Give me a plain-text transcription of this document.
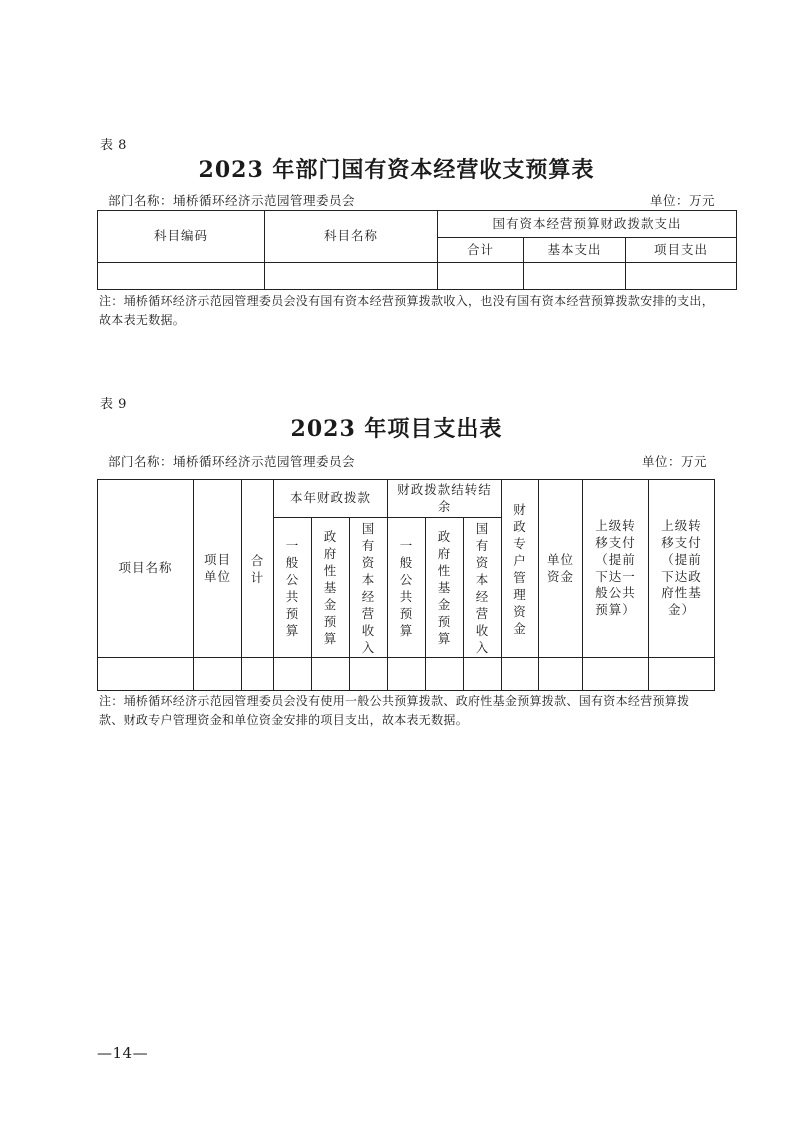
表 8
2023 年部门国有资本经营收支预算表
部门名称：埇桥循环经济示范园管理委员会	单位：万元
科目编码	科目名称	国有资本经营预算财政拨款支出		
		合计	基本支出	项目支出

注：埇桥循环经济示范园管理委员会没有国有资本经营预算拨款收入，也没有国有资本经营预算拨款安排的支出，故本表无数据。
表 9
2023 年项目支出表
部门名称：埇桥循环经济示范园管理委员会	单位：万元
项目名称	项目单位	合计	本年财政拨款			财政拨款结转结余			财政专户管理资金	单位资金	上级转移支付（提前下达一般公共预算）	上级转移支付（提前下达政府性基金）

			一般公共预算	政府性基金预算	国有资本经营收入	一般公共预算	政府性基金预算	国有资本经营收入				

注：埇桥循环经济示范园管理委员会没有使用一般公共预算拨款、政府性基金预算拨款、国有资本经营预算拨款、财政专户管理资金和单位资金安排的项目支出，故本表无数据。
—14—
